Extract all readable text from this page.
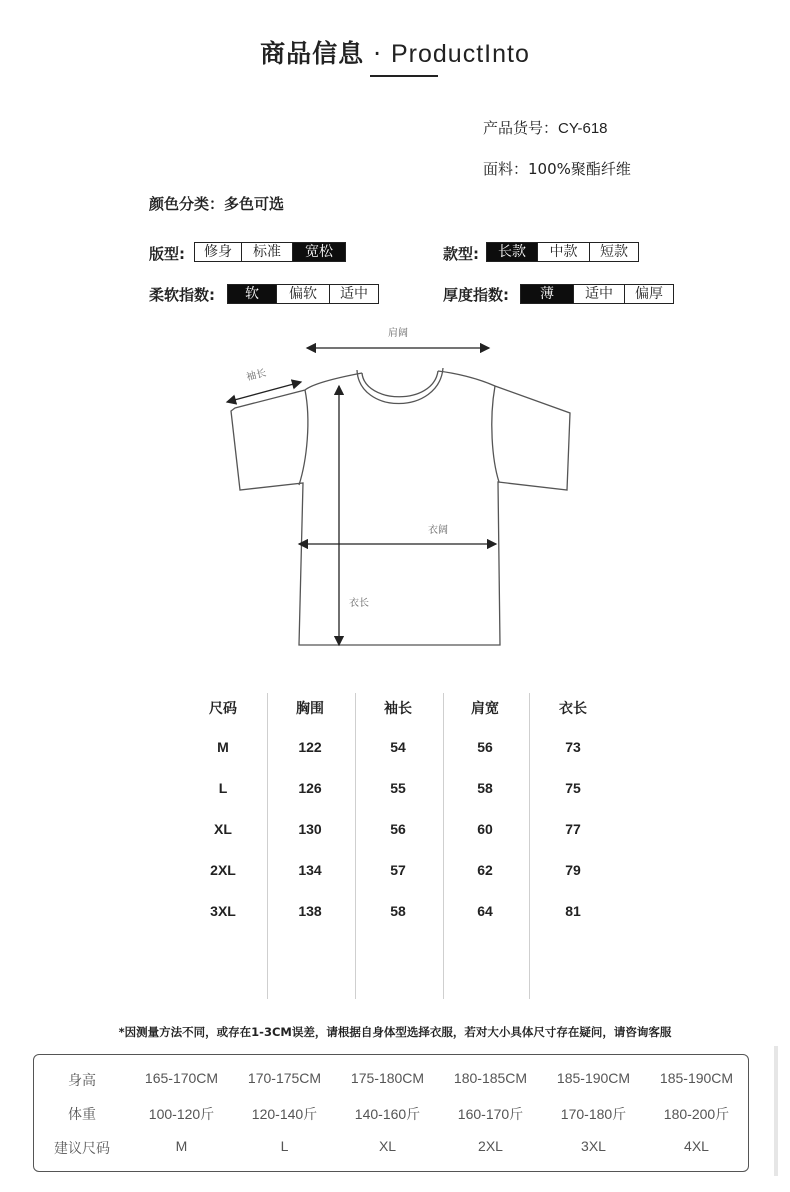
商品信息 · ProductInto
产品货号：CY-618
面料：100%聚酯纤维
颜色分类：多色可选
版型:	修身	标准	宽松	款型:	长款	中款	短款
柔软指数:	软	偏软	适中	厚度指数:	薄	适中	偏厚
肩阔
袖长
衣阔
衣长
尺码	胸围	袖长	肩宽	衣长
M	122	54	56	73
L	126	55	58	75
XL	130	56	60	77
2XL	134	57	62	79
3XL	138	58	64	81
*因测量方法不同，或存在1-3CM误差，请根据自身体型选择衣服，若对大小具体尺寸存在疑问，请咨询客服
身高	165-170CM	170-175CM	175-180CM	180-185CM	185-190CM	185-190CM
体重	100-120斤	120-140斤	140-160斤	160-170斤	170-180斤	180-200斤
建议尺码	M	L	XL	2XL	3XL	4XL
